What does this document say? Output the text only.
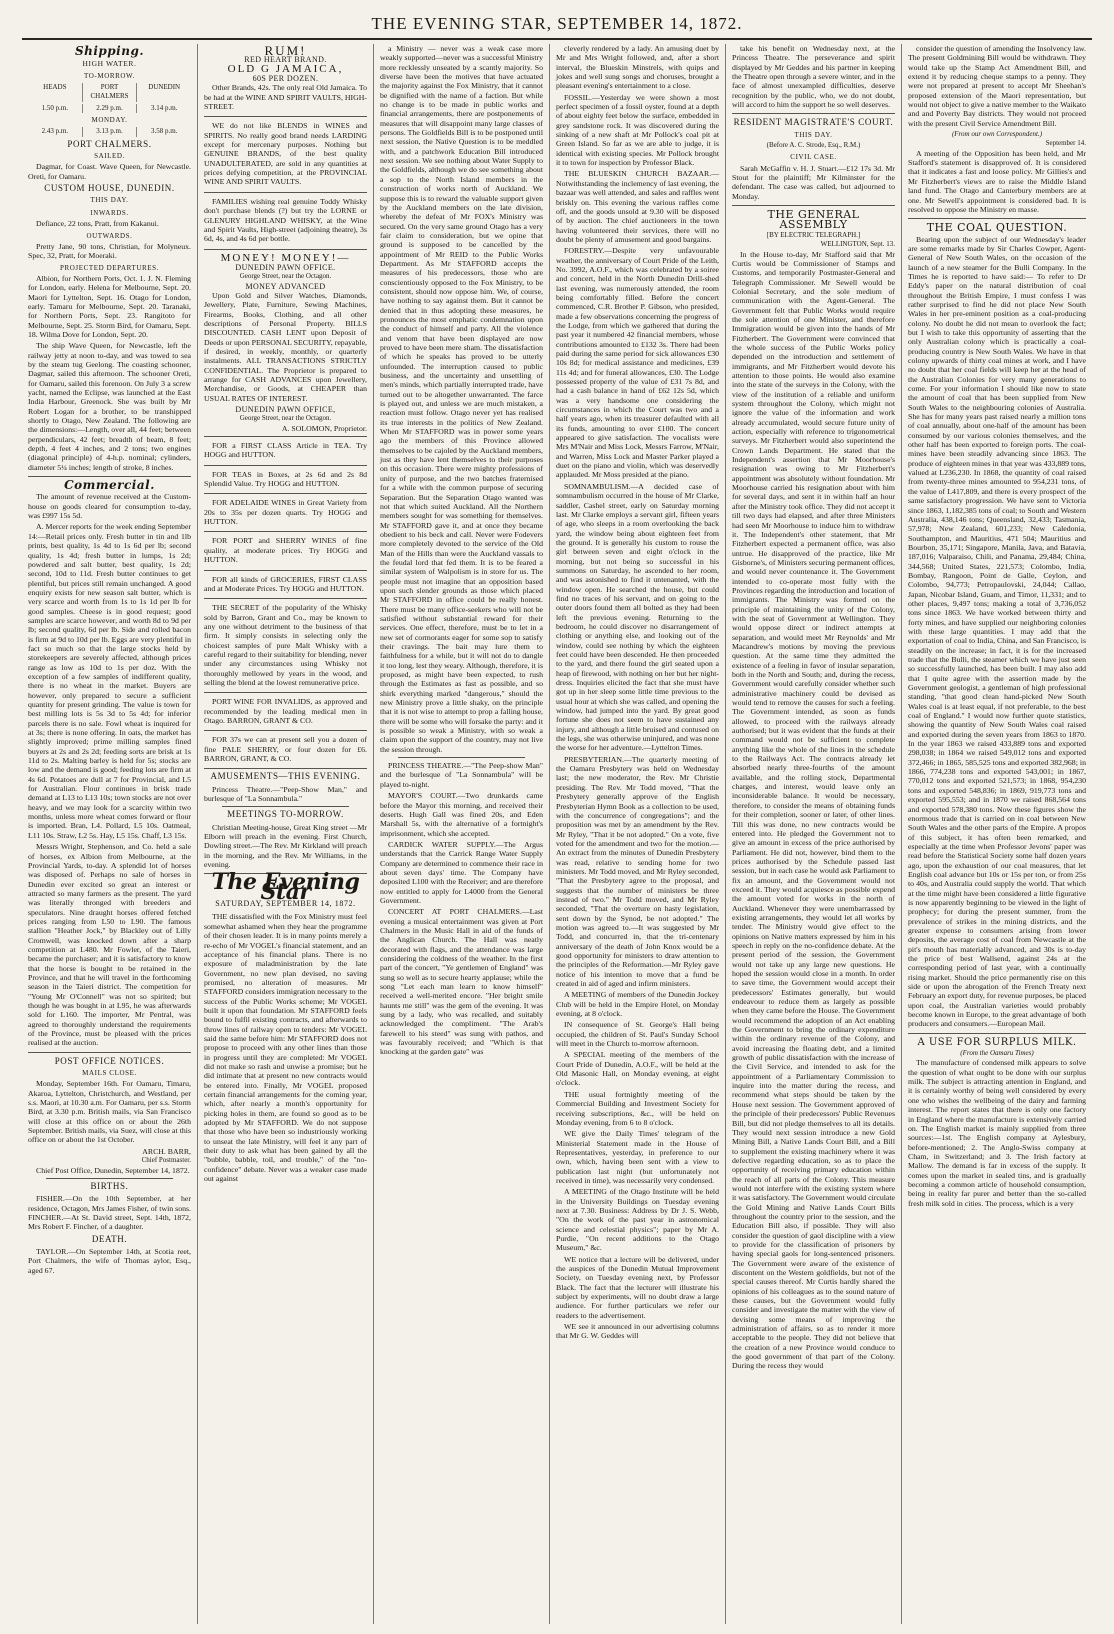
THE EVENING STAR, SEPTEMBER 14, 1872.
Shipping.
HIGH WATER.
TO-MORROW.
HEADS	PORT CHALMERS
DUNEDIN
1.50 p.m.	2.29 p.m.	3.14 p.m.
MONDAY.
2.43 p.m.	3.13 p.m.	3.58 p.m.
PORT CHALMERS.
SAILED.

Dagmar, for Coast. Wave Queen, for Newcastle. Oreti, for Oamaru.

CUSTOM HOUSE, DUNEDIN.
THIS DAY.
INWARDS.

Defiance, 22 tons, Pratt, from Kakanui.

OUTWARDS.

Pretty Jane, 90 tons, Christian, for Molyneux. Spec, 32, Pratt, for Moeraki.

PROJECTED DEPARTURES.

Albion, for Northern Ports, Oct. 1. J. N. Fleming for London, early. Helena for Melbourne, Sept. 20. Maori for Lyttelton, Sept. 16. Otago for London, early. Tamaru for Melbourne, Sept. 20. Taranaki, for Northern Ports, Sept. 23. Rangitoto for Melbourne, Sept. 25. Storm Bird, for Oamaru, Sept. 18. Wilma Dove for London, Sept. 20.

The ship Wave Queen, for Newcastle, left the railway jetty at noon to-day, and was towed to sea by the steam tug Geelong. The coasting schooner, Dagmar, sailed this afternoon. The schooner Oreti, for Oamaru, sailed this forenoon. On July 3 a screw yacht, named the Eclipse, was launched at the East India Harbour, Greenock. She was built by Mr Robert Logan for a brother, to be transhipped shortly to Otago, New Zealand. The following are the dimensions:—Length, over all, 44 feet; between perpendiculars, 42 feet; breadth of beam, 8 feet; depth, 4 feet 4 inches, and 2 tons; two engines (diagonal principle) of 4-h.p. nominal; cylinders, diameter 5¼ inches; length of stroke, 8 inches.

Commercial.

The amount of revenue received at the Custom-house on goods cleared for consumption to-day, was £997 15s 5d.

A. Mercer reports for the week ending September 14:—Retail prices only. Fresh butter in tin and 1lb prints, best quality, 1s 4d to 1s 6d per lb; second quality, 1s 4d; fresh butter in lumps, 1s 2d; powdered and salt butter, best quality, 1s 2d; second, 10d to 11d. Fresh butter continues to get plentiful, but prices still remain unchanged. A good enquiry exists for new season salt butter, which is very scarce and worth from 1s to 1s 1d per lb for good samples. Cheese is in good request; good samples are scarce however, and worth 8d to 9d per lb; second quality, 6d per lb. Side and rolled bacon is firm at 9d to 10d per lb. Eggs are very plentiful in fact so much so that the large stocks held by storekeepers are severely affected, although prices range as low as 10d to 1s per doz. With the exception of a few samples of indifferent quality, there is no wheat in the market. Buyers are however, only prepared to secure a sufficient quantity for present grinding. The value is town for best milling lots is 5s 3d to 5s 4d; for inferior parcels there is no sale. Fowl wheat is inquired for at 3s; there is none offering. In oats, the market has slightly improved; prime milling samples fined buyers at 2s and 2s 2d; feeding sorts are brisk at 1s 11d to 2s. Malting barley is held for 5s; stocks are low and the demand is good; feeding lots are firm at 4s 6d. Potatoes are dull at 7 for Provincial, and L5 for Australian. Flour continues in brisk trade demand at L13 to L13 10s; town stocks are not over heavy, and we may look for a scarcity within two months, unless more wheat comes forward or flour is imported. Bran, L4. Pollard, L5 10s. Oatmeal, L11 10s. Straw, L2 5s. Hay, L5 15s. Chaff, L3 15s.

Messrs Wright, Stephenson, and Co. held a sale of horses, ex Albion from Melbourne, at the Provincial Yards, to-day. A splendid lot of horses was disposed of. Perhaps no sale of horses in Dunedin ever excited so great an interest or attracted so many farmers as the present. The yard was literally thronged with breeders and speculators. Nine draught horses offered fetched prices ranging from L50 to L90. The famous stallion "Heather Jock," by Blackley out of Lilly Cromwell, was knocked down after a sharp competition at L480. Mr Fowler, of the Taieri, became the purchaser; and it is satisfactory to know that the horse is bought to be retained in the Province, and that he will travel in the forthcoming season in the Taieri district. The competition for "Young Mr O'Connell" was not so spirited; but though he was bought in at L95, he was afterwards sold for L160. The importer, Mr Pentral, was agreed to thoroughly understand the requirements of the Province, must be pleased with the prices realised at the auction.

POST OFFICE NOTICES.
MAILS CLOSE.

Monday, September 16th. For Oamaru, Timaru, Akaroa, Lyttelton, Christchurch, and Westland, per s.s. Maori, at 10.30 a.m. For Oamaru, per s.s. Storm Bird, at 3.30 p.m. British mails, via San Francisco will close at this office on or about the 26th September. British mails, via Suez, will close at this office on or about the 1st October.

ARCH. BARR,
Chief Postmaster.

Chief Post Office, Dunedin, September 14, 1872.

BIRTHS.

FISHER.—On the 10th September, at her residence, Octagon, Mrs James Fisher, of twin sons. FINCHER.—At St. David street, Sept. 14th, 1872, Mrs Robert F. Fincher, of a daughter.

DEATH.

TAYLOR.—On September 14th, at Scotia reet, Port Chalmers, the wife of Thomas aylor, Esq., aged 67.

RUM!
RED HEART BRAND.
OLD G JAMAICA,
60S PER DOZEN.

Other Brands, 42s. The only real Old Jamaica. To be had at the WINE AND SPIRIT VAULTS, HIGH-STREET.

WE do not like BLENDS in WINES and SPIRITS. No really good brand needs LARDING except for mercenary purposes. Nothing but GENUINE BRANDS, of the best quality UNADULTERATED, are sold in any quantities at prices defying competition, at the PROVINCIAL WINE AND SPIRIT VAULTS.

FAMILIES wishing real genuine Toddy Whisky don't purchase blends (?) but try the LORNE or GLENURY HIGHLAND WHISKY, at the Wine and Spirit Vaults, High-street (adjoining theatre), 3s 6d, 4s, and 4s 6d per bottle.

MONEY! MONEY!—
DUNEDIN PAWN OFFICE.
George Street, near the Octagon.
MONEY ADVANCED

Upon Gold and Silver Watches, Diamonds, Jewellery, Plate, Furniture, Sewing Machines, Firearms, Books, Clothing, and all other descriptions of Personal Property. BILLS DISCOUNTED. CASH LENT upon Deposit of Deeds or upon PERSONAL SECURITY, repayable, if desired, in weekly, monthly, or quarterly instalments. ALL TRANSACTIONS STRICTLY CONFIDENTIAL. The Proprietor is prepared to arrange for CASH ADVANCES upon Jewellery, Merchandise, or Goods, at CHEAPER than USUAL RATES OF INTEREST.

DUNEDIN PAWN OFFICE,
George Street, near the Octagon.
A. SOLOMON, Proprietor.

FOR a FIRST CLASS Article in TEA. Try HOGG and HUTTON.

FOR TEAS in Boxes, at 2s 6d and 2s 8d Splendid Value. Try HOGG and HUTTON.

FOR ADELAIDE WINES in Great Variety from 20s to 35s per dozen quarts. Try HOGG and HUTTON.

FOR PORT and SHERRY WINES of fine quality, at moderate prices. Try HOGG and HUTTON.

FOR all kinds of GROCERIES, FIRST CLASS and at Moderate Prices. Try HOGG and HUTTON.

THE SECRET of the popularity of the Whisky sold by Barron, Grant and Co., may be known to any one without detriment to the business of that firm. It simply consists in selecting only the choicest samples of pure Malt Whisky with a careful regard to their suitability for blending, never under any circumstances using Whisky not thoroughly mellowed by years in the wood, and selling the blend at the lowest remunerative price.

PORT WINE FOR INVALIDS, as approved and recommended by the leading medical men in Otago. BARRON, GRANT & CO.

FOR 37s we can at present sell you a dozen of fine PALE SHERRY, or four dozen for £6. BARRON, GRANT, & CO.

AMUSEMENTS—THIS EVENING.

Princess Theatre.—"Peep-Show Man," and burlesque of "La Sonnambula."

MEETINGS TO-MORROW.

Christian Meeting-house, Great King street —Mr Elborn will preach in the evening. First Church, Dowling street.—The Rev. Mr Kirkland will preach in the morning, and the Rev. Mr Williams, in the evening.

The Evening Star
SATURDAY, SEPTEMBER 14, 1872.

THE dissatisfied with the Fox Ministry must feel somewhat ashamed when they hear the programme of their chosen leader. It is in many points merely a re-echo of Mr VOGEL's financial statement, and an acceptance of his financial plans. There is no exposure of maladministration by the late Government, no new plan devised, no saving promised, no alteration of measures. Mr STAFFORD considers immigration necessary to the success of the Public Works scheme; Mr VOGEL built it upon that foundation. Mr STAFFORD feels bound to fulfil existing contracts, and afterwards to throw lines of railway open to tenders: Mr VOGEL said the same before him: Mr STAFFORD does not propose to proceed with any other lines than those in progress until they are completed: Mr VOGEL did not make so rash and unwise a promise; but he did intimate that at present no new contracts would be entered into. Finally, Mr VOGEL proposed certain financial arrangements for the coming year, which, after nearly a month's opportunity for picking holes in them, are found so good as to be adopted by Mr STAFFORD. We do not suppose that those who have been so industriously working to unseat the late Ministry, will feel it any part of their duty to ask what has been gained by all the "bubble, babble, toil, and trouble," of the "no-confidence" debate. Never was a weaker case made out against

a Ministry — never was a weak case more weakly supported—never was a successful Ministry more recklessly unseated by a scantly majority. So diverse have been the motives that have actuated the majority against the Fox Ministry, that it cannot be dignified with the name of a faction. But while no change is to be made in public works and financial arrangements, there are postponements of measures that will disappoint many large classes of persons. The Goldfields Bill is to be postponed until next session, the Native Question is to be meddled with, and a patchwork Education Bill introduced next session. We see nothing about Water Supply to the Goldfields, although we do see something about a sop to the North Island members in the construction of works north of Auckland. We suppose this is to reward the valuable support given by the Auckland members on the late division, whereby the defeat of Mr FOX's Ministry was secured. On the very same ground Otago has a very fair claim to consideration, but we opine that ground is supposed to be cancelled by the appointment of Mr REID to the Public Works Department. As Mr STAFFORD accepts the measures of his predecessors, those who are conscientiously opposed to the Fox Ministry, to be consistent, should now oppose him. We, of course, have nothing to say against them. But it cannot be denied that in thus adopting these measures, he pronounces the most emphatic condemnation upon the conduct of himself and party. All the violence and venom that have been displayed are now proved to have been mere sham. The dissatisfaction of which he speaks has proved to be utterly unfounded. The interruption caused to public business, and the uncertainty and unsettling of men's minds, which partially interrupted trade, have turned out to be altogether unwarranted. The farce is played out, and unless we are much mistaken, a reaction must follow. Otago never yet has realised its true interests in the politics of New Zealand. When Mr STAFFORD was in power some years ago the members of this Province allowed themselves to be cajoled by the Auckland members, just as they have lent themselves to their purposes on this occasion. There were mighty professions of unity of purpose, and the two batches fraternised for a while with the common purpose of securing Separation. But the Separation Otago wanted was not that which suited Auckland. All the Northern members sought for was something for themselves. Mr STAFFORD gave it, and at once they became obedient to his beck and call. Never were Fodevers more completely devoted to the service of the Old Man of the Hills than were the Auckland vassals to the feudal lord that fed them. It is to be feared a similar system of Walpolism is in store for us. The people must not imagine that an opposition based upon such slender grounds as those which placed Mr STAFFORD in office could be really honest. There must be many office-seekers who will not be satisfied without substantial reward for their services. One effect, therefore, must be to let in a new set of cormorants eager for some sop to satisfy their cravings. The bait may lure them to faithfulness for a while, but it will not do to dangle it too long, lest they weary. Although, therefore, it is proposed, as might have been expected, to rush through the Estimates as fast as possible, and so shirk everything marked "dangerous," should the new Ministry prove a little shaky, on the principle that it is not wise to attempt to prop a falling house, there will be some who will forsake the party: and it is possible so weak a Ministry, with so weak a claim upon the support of the country, may not live the session through.

PRINCESS THEATRE.—"The Peep-show Man" and the burlesque of "La Sonnambula" will be played to-night.

MAYOR'S COURT.—Two drunkards came before the Mayor this morning, and received their deserts. Hugh Gall was fined 20s, and Eden Marshall 5s, with the alternative of a fortnight's imprisonment, which she accepted.

CARDICK WATER SUPPLY.—The Argus understands that the Carrick Range Water Supply Company are determined to commence their race in about seven days' time. The Company have deposited L100 with the Receiver; and are therefore now entitled to apply for L4000 from the General Government.

CONCERT AT PORT CHALMERS.—Last evening a musical entertainment was given at Port Chalmers in the Music Hall in aid of the funds of the Anglican Church. The Hall was neatly decorated with flags, and the attendance was large considering the coldness of the weather. In the first part of the concert, "Ye gentlemen of England" was sung so well as to secure hearty applause; while the song "Let each man learn to know himself" received a well-merited encore. "Her bright smile haunts me still" was the gem of the evening. It was sung by a lady, who was recalled, and suitably acknowledged the compliment. "The Arab's farewell to his steed" was sung with pathos, and was favourably received; and "Which is that knocking at the garden gate" was

cleverly rendered by a lady. An amusing duet by Mr and Mrs Wright followed, and, after a short interval, the Blueskin Minstrels, with quips and jokes and well sung songs and choruses, brought a pleasant evening's entertainment to a close.

FOSSIL.—Yesterday we were shown a most perfect specimen of a fossil oyster, found at a depth of about eighty feet below the surface, embedded in grey sandstone rock. It was discovered during the sinking of a new shaft at Mr Pollock's coal pit at Green Island. So far as we are able to judge, it is identical with existing species. Mr Pollock brought it to town for inspection by Professor Black.

THE BLUESKIN CHURCH BAZAAR.—Notwithstanding the inclemency of last evening, the bazaar was well attended, and sales and raffles went briskly on. This evening the various raffles come off, and the goods unsold at 9.30 will be disposed of by auction. The chief auctioneers in the town having volunteered their services, there will no doubt be plenty of amusement and good bargains.

FORESTRY.—Despite very unfavourable weather, the anniversary of Court Pride of the Leith, No. 3992, A.O.F., which was celebrated by a soiree and concert, held in the North Dunedin Drill-shed last evening, was numerously attended, the room being comfortably filled. Before the concert commenced, C.R. Brother P. Gibson, who presided, made a few observations concerning the progress of the Lodge, from which we gathered that during the past year it numbered 42 financial members, whose contributions amounted to £132 3s. There had been paid during the same period for sick allowances £30 10s 8d; for medical assistance and medicines, £39 11s 4d; and for funeral allowances, £30. The Lodge possessed property of the value of £31 7s 8d, and had a cash balance in hand of £62 12s 5d, which was a very handsome one considering the circumstances in which the Court was two and a half years ago, when its treasurer defaulted with all its funds, amounting to over £100. The concert appeared to give satisfaction. The vocalists were Mrs M'Nair and Miss Lock, Messrs Farrow, M'Nair, and Warren, Miss Lock and Master Parker played a duet on the piano and violin, which was deservedly applauded. Mr Moss presided at the piano.

SOMNAMBULISM.—A decided case of somnambulism occurred in the house of Mr Clarke, saddler, Cashel street, early on Saturday morning last. Mr Clarke employs a servant girl, fifteen years of age, who sleeps in a room overlooking the back yard, the window being about eighteen feet from the ground. It is generally his custom to rouse the girl between seven and eight o'clock in the morning, but not being so successful in his summons on Saturday, he ascended to her room, and was astonished to find it untenanted, with the window open. He searched the house, but could find no traces of his servant, and on going to the outer doors found them all bolted as they had been left the previous evening. Returning to the bedroom, he could discover no disarrangement of clothing or anything else, and looking out of the window, could see nothing by which the eighteen feet could have been descended. He then proceeded to the yard, and there found the girl seated upon a heap of firewood, with nothing on her but her night-dress. Inquiries elicited the fact that she must have got up in her sleep some little time previous to the usual hour at which she was called, and opening the window, had jumped into the yard. By great good fortune she does not seem to have sustained any injury, and although a little bruised and contused on the legs, she was otherwise uninjured, and was none the worse for her adventure.—Lyttelton Times.

PRESBYTERIAN.—The quarterly meeting of the Oamaru Presbytery was held on Wednesday last; the new moderator, the Rev. Mr Christie presiding. The Rev. Mr Todd moved, "That the Presbytery generally approve of the English Presbyterian Hymn Book as a collection to be used, with the concurrence of congregations"; and the proposition was met by an amendment by the Rev. Mr Ryley, "That it be not adopted." On a vote, five voted for the amendment and two for the motion.—An extract from the minutes of Dunedin Presbytery was read, relative to sending home for two ministers. Mr Todd moved, and Mr Ryley seconded, "That the Presbytery agree to the proposal, and suggests that the number of ministers be three instead of two." Mr Todd moved, and Mr Ryley seconded, "That the overture on hasty legislation, sent down by the Synod, be not adopted." The motion was agreed to.—It was suggested by Mr Todd, and concurred in, that the tri-centenary anniversary of the death of John Knox would be a good opportunity for ministers to draw attention to the principles of the Reformation.—Mr Ryley gave notice of his intention to move that a fund be created in aid of aged and infirm ministers.

A MEETING of members of the Dunedin Jockey Club will be held in the Empire Hotel, on Monday evening, at 8 o'clock.

IN consequence of St. George's Hall being occupied, the children of St. Paul's Sunday School will meet in the Church to-morrow afternoon.

A SPECIAL meeting of the members of the Court Pride of Dunedin, A.O.F., will be held at the Old Masonic Hall, on Monday evening, at eight o'clock.

THE usual fortnightly meeting of the Commercial Building and Investment Society for receiving subscriptions, &c., will be held on Monday evening, from 6 to 8 o'clock.

WE give the Daily Times' telegram of the Ministerial Statement made in the House of Representatives, yesterday, in preference to our own, which, having been sent with a view to publication last night (but unfortunately not received in time), was necessarily very condensed.

A MEETING of the Otago Institute will be held in the University Buildings on Tuesday evening next at 7.30. Business: Address by Dr J. S. Webb, "On the work of the past year in astronomical science and celestial physics"; paper by Mr A. Purdie, "On recent additions to the Otago Museum," &c.

WE notice that a lecture will be delivered, under the auspices of the Dunedin Mutual Improvement Society, on Tuesday evening next, by Professor Black. The fact that the lecturer will illustrate his subject by experiments, will no doubt draw a large audience. For further particulars we refer our readers to the advertisement.

WE see it announced in our advertising columns that Mr G. W. Geddes will

take his benefit on Wednesday next, at the Princess Theatre. The perseverance and spirit displayed by Mr Geddes and his partner in keeping the Theatre open through a severe winter, and in the face of almost unexampled difficulties, deserve recognition by the public, who, we do not doubt, will accord to him the support he so well deserves.

RESIDENT MAGISTRATE'S COURT.
THIS DAY.
(Before A. C. Strode, Esq., R.M.)
CIVIL CASE.

Sarah McGaffin v. H. J. Stuart.—£12 17s 3d. Mr Stout for the plaintiff; Mr Kilminster for the defendant. The case was called, but adjourned to Monday.

THE GENERAL ASSEMBLY
[BY ELECTRIC TELEGRAPH.]
WELLINGTON, Sept. 13.

In the House to-day, Mr Stafford said that Mr Curtis would be Commissioner of Stamps and Customs, and temporarily Postmaster-General and Telegraph Commissioner. Mr Sewell would be Colonial Secretary, and the sole medium of communication with the Agent-General. The Government felt that Public Works would require the sole attention of one Minister, and therefore Immigration would be given into the hands of Mr Fitzherbert. The Government were convinced that the whole success of the Public Works policy depended on the introduction and settlement of immigrants, and Mr Fitzherbert would devote his attention to those points. He would also examine into the state of the surveys in the Colony, with the view of the institution of a reliable and uniform system throughout the Colony, which might not ignore the value of the information and work already accumulated, would secure future unity of action, especially with reference to trigonometrical surveys. Mr Fitzherbert would also superintend the Crown Lands Department. He stated that the Independent's assertion that Mr Moorhouse's resignation was owing to Mr Fitzherbert's appointment was absolutely without foundation. Mr Moorhouse carried his resignation about with him for several days, and sent it in within half an hour after the Ministry took office. They did not accept it till two days had elapsed, and after three Ministers had seen Mr Moorhouse to induce him to withdraw it. The Independent's other statement, that Mr Fitzherbert expected a permanent office, was also untrue. He disapproved of the practice, like Mr Gisborne's, of Ministers securing permanent offices, and would never countenance it. The Government intended to co-operate most fully with the Provinces regarding the introduction and location of immigrants. The Ministry was formed on the principle of maintaining the unity of the Colony, with the seat of Government at Wellington. They would oppose direct or indirect attempts at separation, and would meet Mr Reynolds' and Mr Macandrew's motions by moving the previous question. At the same time they admitted the existence of a feeling in favor of insular separation, both in the North and South; and, during the recess, Government would carefully consider whether such administrative machinery could be devised as would tend to remove the causes for such a feeling. The Government intended, as soon as funds allowed, to proceed with the railways already authorised; but it was evident that the funds at their command would not be sufficient to complete anything like the whole of the lines in the schedule to the Railways Act. The contracts already let absorbed nearly three-fourths of the amount available, and the rolling stock, Departmental charges, and interest, would leave only an inconsiderable balance. It would be necessary, therefore, to consider the means of obtaining funds for their completion, sooner or later, of other lines. Till this was done, no new contracts would be entered into. He pledged the Government not to give an amount in excess of the price authorised by Parliament. He did not, however, bind them to the prices authorised by the Schedule passed last session, but in each case he would ask Parliament to fix an amount, and the Government would not exceed it. They would acquiesce as possible expend the amount voted for works in the north of Auckland. Whenever they were unembarrassed by existing arrangements, they would let all works by tender. The Ministry would give effect to the opinions on Native matters expressed by him in his speech in reply on the no-confidence debate. At the present period of the session, the Government would not take up any large new questions. He hoped the session would close in a month. In order to save time, the Government would accept their predecessors' Estimates generally, but would endeavour to reduce them as largely as possible when they came before the House. The Government would recommend the adoption of an Act enabling the Government to bring the ordinary expenditure within the ordinary revenue of the Colony, and avoid increasing the floating debt, and a limited growth of public dissatisfaction with the increase of the Civil Service, and intended to ask for the appointment of a Parliamentary Commission to inquire into the matter during the recess, and recommend what steps should be taken by the House next session. The Government approved of the principle of their predecessors' Public Revenues Bill, but did not pledge themselves to all its details. They would next session introduce a new Gold Mining Bill, a Native Lands Court Bill, and a Bill to supplement the existing machinery where it was defective regarding education, so as to place the opportunity of receiving primary education within the reach of all parts of the Colony. This measure would not interfere with the existing system where it was satisfactory. The Government would circulate the Gold Mining and Native Lands Court Bills throughout the country prior to the session, and the Education Bill also, if possible. They will also consider the question of gaol discipline with a view to provide for the classification of prisoners by having special gaols for long-sentenced prisoners. The Government were aware of the existence of discontent on the Western goldfields, but not of the special causes thereof. Mr Curtis hardly shared the opinions of his colleagues as to the sound nature of these causes, but the Government would fully consider and investigate the matter with the view of devising some means of improving the administration of affairs, so as to render it more acceptable to the people. They did not believe that the creation of a new Province would conduce to the good government of that part of the Colony. During the recess they would

consider the question of amending the Insolvency law. The present Goldmining Bill would be withdrawn. They would take up the Stamp Act Amendment Bill, and extend it by reducing cheque stamps to a penny. They were not prepared at present to accept Mr Sheehan's proposed extension of the Maori representation, but would not object to give a native member to the Waikato and and Poverty Bay districts. They would not proceed with the present Civil Service Amendment Bill.

(From our own Correspondent.)
September 14.

A meeting of the Opposition has been held, and Mr Stafford's statement is disapproved of. It is considered that it indicates a fast and loose policy. Mr Gillies's and Mr Fitzherbert's views are to raise the Middle Island land fund. The Otago and Canterbury members are at one. Mr Sewell's appointment is considered bad. It is resolved to oppose the Ministry en masse.

THE COAL QUESTION.

Bearing upon the subject of our Wednesday's leader are some remarks made by Sir Charles Cowper, Agent-General of New South Wales, on the occasion of the launch of a new steamer for the Bulli Company. In the Times he is reported to have said:— To refer to Dr Eddy's paper on the natural distribution of coal throughout the British Empire, I must confess I was rather surprised to find he did not place New South Wales in her pre-eminent position as a coal-producing colony. No doubt he did not mean to overlook the fact; but I wish to take this opportunity of asserting that the only Australian colony which is practically a coal-producing country is New South Wales. We have in that colony upwards of thirty coal mines at work, and I have no doubt that her coal fields will keep her at the head of the Australian Colonies for very many generations to come. For your information I should like now to state the amount of coal that has been supplied from New South Wales to the neighbouring colonies of Australia. She has for many years past raised nearly a million tons of coal annually, about one-half of the amount has been consumed by our various colonies themselves, and the other half has been exported to foreign ports. The coal-mines have been steadily advancing since 1863. The produce of eighteen mines in that year was 433,889 tons, valued at L236,230. In 1868, the quantity of coal raised from twenty-three mines amounted to 954,231 tons, of the value of L417,809, and there is every prospect of the same satisfactory progression. We have sent to Victoria since 1863, 1,182,385 tons of coal; to South and Western Australia, 438,146 tons; Queensland, 32,433; Tasmania, 57,978; New Zealand, 601,233; New Caledonia, Southampton, and Mauritius, 471 504; Mauritius and Bourbon, 35,171; Singapore, Manila, Java, and Batavia, 187,016; Valparaiso, Chili, and Panama, 29,484; China, 344,568; United States, 221,573; Colombo, India, Bombay, Rangoon, Point de Galle, Ceylon, and Colombo, 94,773; Petropaulovski, 24,044; Callao, Japan, Nicobar Island, Guam, and Timor, 11,331; and to other places, 9,497 tons; making a total of 3,736,052 tons since 1863. We have worked between thirty and forty mines, and have supplied our neighboring colonies with these large quantities. I may add that the exportation of coal to India, China, and San Francisco, is steadily on the increase; in fact, it is for the increased trade that the Bulli, the steamer which we have just seen so successfully launched, has been built. I may also add that I quite agree with the assertion made by the Government geologist, a gentleman of high professional standing, "that good clean hand-picked New South Wales coal is at least equal, if not preferable, to the best coal of England." I would now further quote statistics, showing the quantity of New South Wales coal raised and exported during the seven years from 1863 to 1870. In the year 1863 we raised 433,889 tons and exported 298,038; in 1864 we raised 549,012 tons and exported 372,466; in 1865, 585,525 tons and exported 382,968; in 1866, 774,238 tons and exported 543,001; in 1867, 770,012 tons and exported 521,573; in 1868, 954,230 tons and exported 548,836; in 1869, 919,773 tons and exported 595,553; and in 1870 we raised 868,564 tons and exported 578,380 tons. Now these figures show the enormous trade that is carried on in coal between New South Wales and the other parts of the Empire. A propos of this subject, it has often been remarked, and especially at the time when Professor Jevons' paper was read before the Statistical Society some half dozen years ago, upon the exhaustion of our coal measures, that let English coal advance but 10s or 15s per ton, or from 25s to 40s, and Australia could supply the world. That which at the time might have been considered a little figurative is now apparently beginning to be viewed in the light of prophecy; for during the present summer, from the prevalence of strikes in the mining districts, and the greater expense to consumers arising from lower deposits, the average cost of coal from Newcastle at the pit's mouth has materially advanced, and 30s is to-day the price of best Wallsend, against 24s at the corresponding period of last year, with a continually rising market. Should the price permanently rise on this side or upon the abrogation of the French Treaty next February an export duty, for revenue purposes, be placed upon coal, the Australian varieties would probably become known in Europe, to the great advantage of both producers and consumers.—European Mail.

A USE FOR SURPLUS MILK.
(From the Oamaru Times)

The manufacture of condensed milk appears to solve the question of what ought to be done with our surplus milk. The subject is attracting attention in England, and it is certainly worthy of being well considered by every one who wishes the wellbeing of the dairy and farming interest. The report states that there is only one factory in England where the manufacture is extensively carried on. The English market is mainly supplied from three sources:—1st. The English company at Aylesbury, before-mentioned; 2. The Anglo-Swiss company at Cham, in Switzerland; and 3. The Irish factory at Mallow. The demand is far in excess of the supply. It comes upon the market in sealed tins, and is gradually becoming a common article of household consumption, being in reality far purer and better than the so-called fresh milk sold in cities. The process, which is a very
